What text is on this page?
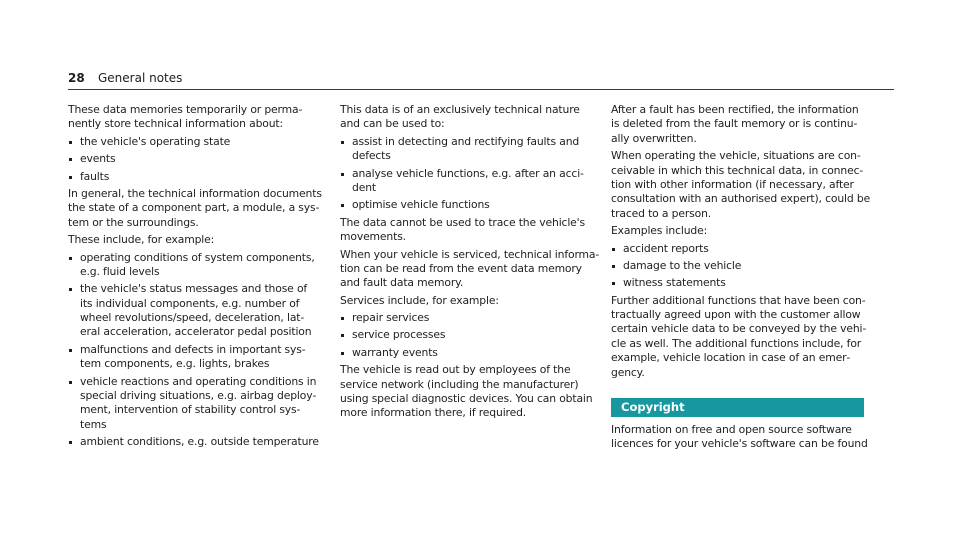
28 General notes
These data memories temporarily or perma‐
nently store technical information about:
the vehicle's operating state
events
faults
In general, the technical information documents
the state of a component part, a module, a sys‐
tem or the surroundings.
These include, for example:
operating conditions of system components,
e.g. fluid levels
the vehicle's status messages and those of
its individual components, e.g. number of
wheel revolutions/speed, deceleration, lat‐
eral acceleration, accelerator pedal position
malfunctions and defects in important sys‐
tem components, e.g. lights, brakes
vehicle reactions and operating conditions in
special driving situations, e.g. airbag deploy‐
ment, intervention of stability control sys‐
tems
ambient conditions, e.g. outside temperature
This data is of an exclusively technical nature
and can be used to:
assist in detecting and rectifying faults and
defects
analyse vehicle functions, e.g. after an acci‐
dent
optimise vehicle functions
The data cannot be used to trace the vehicle's
movements.
When your vehicle is serviced, technical informa‐
tion can be read from the event data memory
and fault data memory.
Services include, for example:
repair services
service processes
warranty events
The vehicle is read out by employees of the
service network (including the manufacturer)
using special diagnostic devices. You can obtain
more information there, if required.
After a fault has been rectified, the information
is deleted from the fault memory or is continu‐
ally overwritten.
When operating the vehicle, situations are con‐
ceivable in which this technical data, in connec‐
tion with other information (if necessary, after
consultation with an authorised expert), could be
traced to a person.
Examples include:
accident reports
damage to the vehicle
witness statements
Further additional functions that have been con‐
tractually agreed upon with the customer allow
certain vehicle data to be conveyed by the vehi‐
cle as well. The additional functions include, for
example, vehicle location in case of an emer‐
gency.
Copyright
Information on free and open source software
licences for your vehicle's software can be found
